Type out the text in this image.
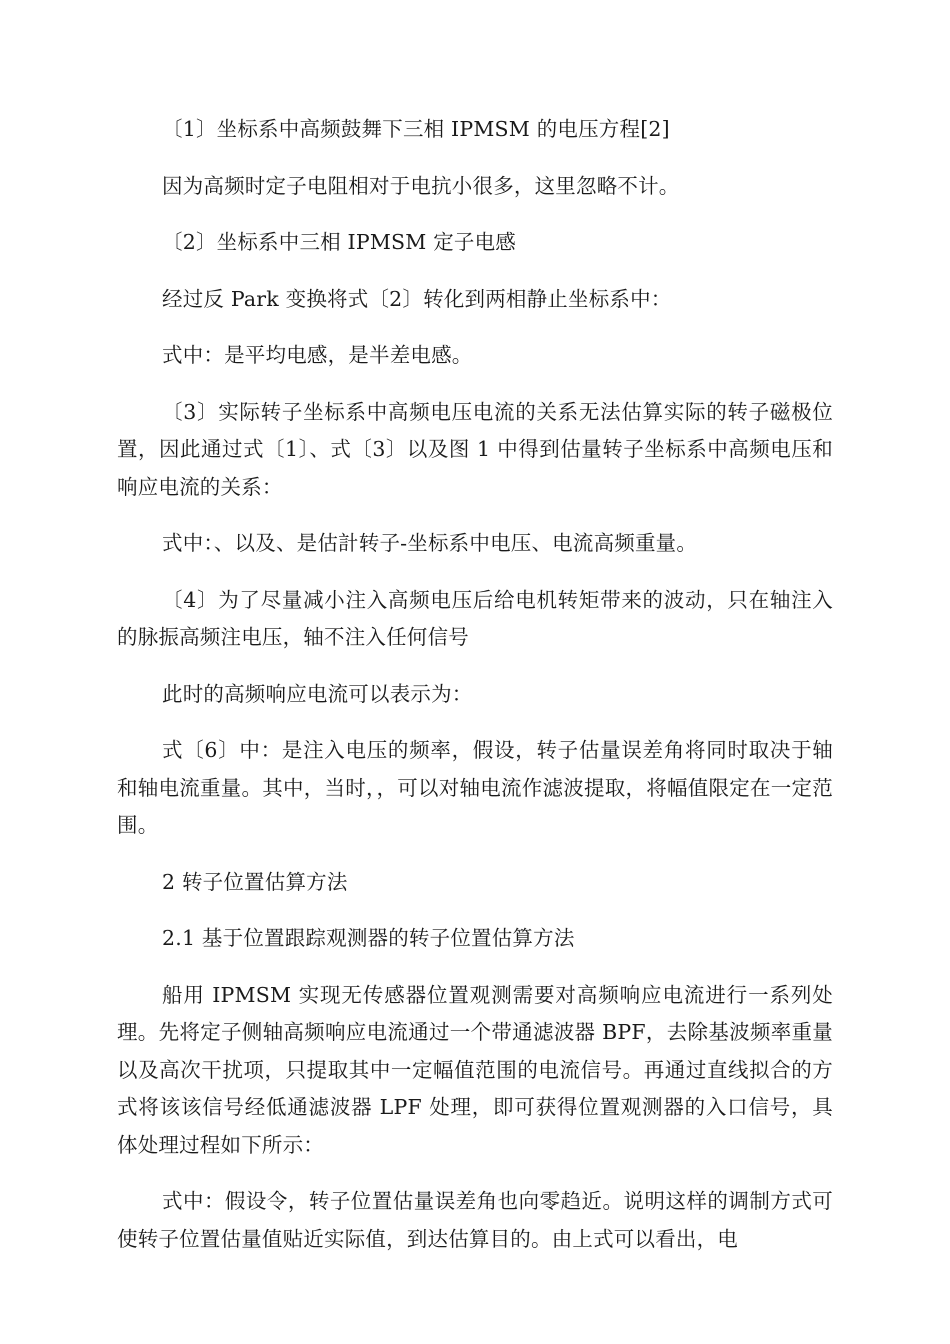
〔1〕坐标系中高频鼓舞下三相 IPMSM 的电压方程[2]

因为高频时定子电阻相对于电抗小很多，这里忽略不计。

〔2〕坐标系中三相 IPMSM 定子电感

经过反 Park 变换将式〔2〕转化到两相静止坐标系中：

式中：是平均电感，是半差电感。

〔3〕实际转子坐标系中高频电压电流的关系无法估算实际的转子磁极位置，因此通过式〔1〕、式〔3〕以及图 1 中得到估量转子坐标系中高频电压和响应电流的关系：

式中：、以及、是估計转子-坐标系中电压、电流高频重量。

〔4〕为了尽量减小注入高频电压后给电机转矩带来的波动，只在轴注入的脉振高频注电压，轴不注入任何信号

此时的高频响应电流可以表示为：

式〔6〕中：是注入电压的频率，假设，转子估量误差角将同时取决于轴和轴电流重量。其中，当时，，可以对轴电流作滤波提取，将幅值限定在一定范围。

2 转子位置估算方法

2.1 基于位置跟踪观测器的转子位置估算方法

船用 IPMSM 实现无传感器位置观测需要对高频响应电流进行一系列处理。先将定子侧轴高频响应电流通过一个带通滤波器 BPF，去除基波频率重量以及高次干扰项，只提取其中一定幅值范围的电流信号。再通过直线拟合的方式将该该信号经低通滤波器 LPF 处理，即可获得位置观测器的入口信号，具体处理过程如下所示：

式中：假设令，转子位置估量误差角也向零趋近。说明这样的调制方式可使转子位置估量值贴近实际值，到达估算目的。由上式可以看出，电
